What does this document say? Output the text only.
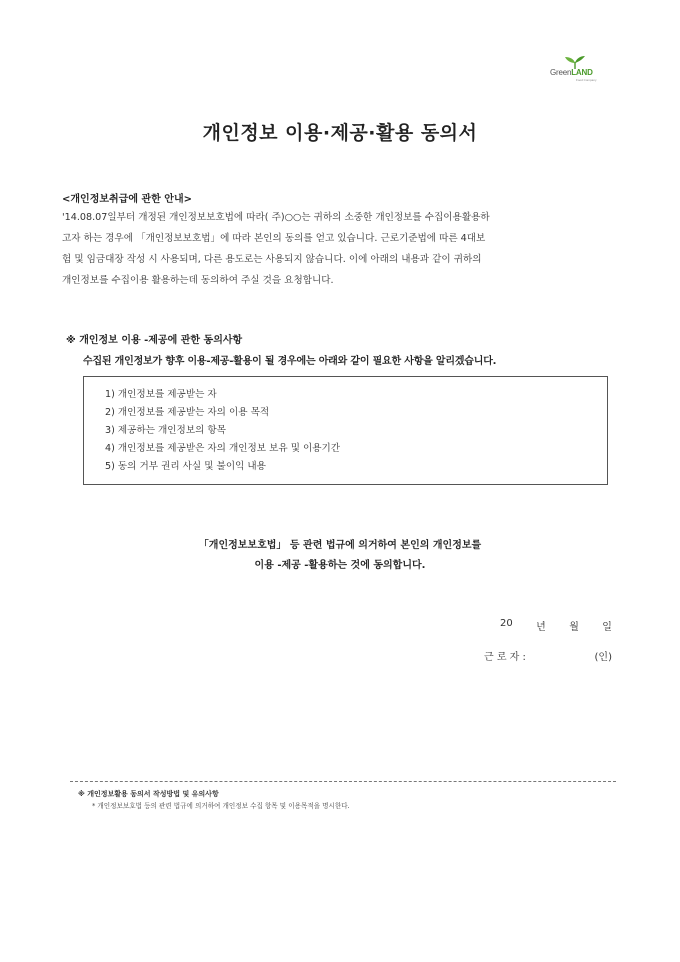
GreenLAND
Food Company
개인정보 이용·제공·활용 동의서
<개인정보취급에 관한 안내>

'14.08.07일부터 개정된 개인정보보호법에 따라( 주)○○는 귀하의 소중한 개인정보를 수집이용활용하

고자 하는 경우에 「개인정보보호법」에 따라 본인의 동의를 얻고 있습니다. 근로기준법에 따른 4대보

험 및 임금대장 작성 시 사용되며, 다른 용도로는 사용되지 않습니다. 이에 아래의 내용과 같이 귀하의

개인정보를 수집이용 활용하는데 동의하여 주실 것을 요청합니다.

※ 개인정보 이용 -제공에 관한 동의사항
수집된 개인정보가 향후 이용-제공-활용이 될 경우에는 아래와 같이 필요한 사항을 알리겠습니다.
1) 개인정보를 제공받는 자
2) 개인정보를 제공받는 자의 이용 목적
3) 제공하는 개인정보의 항목
4) 개인정보를 제공받은 자의 개인정보 보유 및 이용기간
5) 동의 거부 권리 사실 및 불이익 내용
「개인정보보호법」 등 관련 법규에 의거하여 본인의 개인정보를
이용 -제공 -활용하는 것에 동의합니다.
20 년 월 일
근 로 자 :	(인)
※ 개인정보활용 동의서 작성방법 및 유의사항
* 개인정보보호법 등의 관련 법규에 의거하여 개인정보 수집 항목 및 이용목적을 명시한다.
